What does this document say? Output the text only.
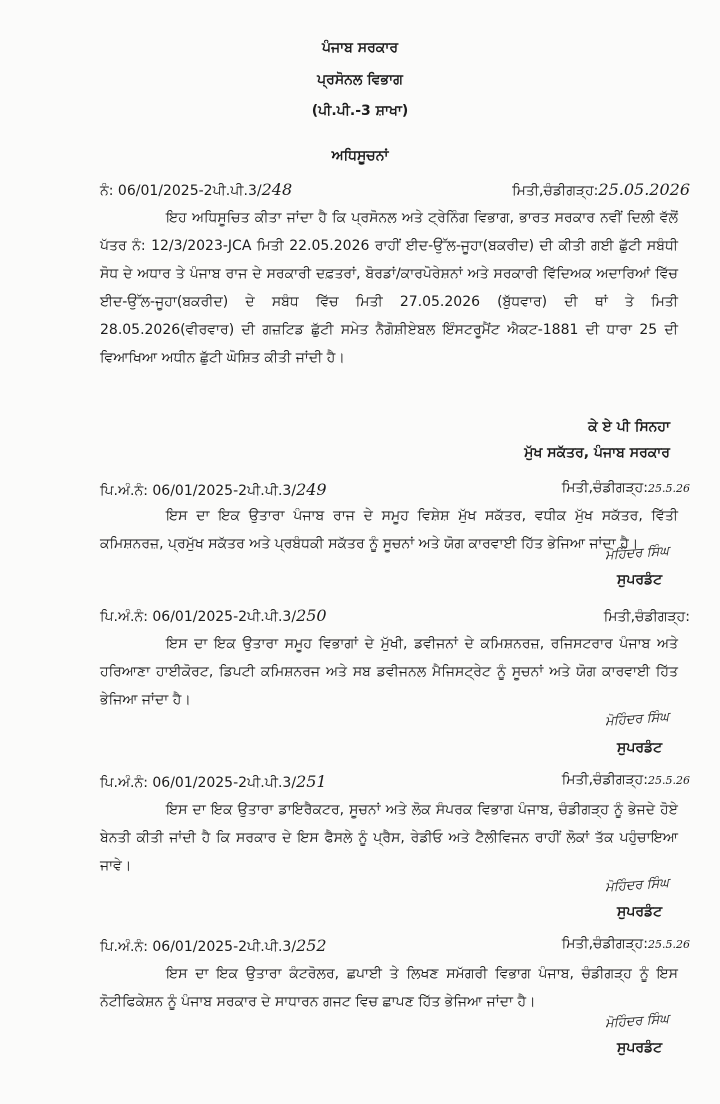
ਪੰਜਾਬ ਸਰਕਾਰ
ਪ੍ਰਸੋਨਲ ਵਿਭਾਗ
(ਪੀ.ਪੀ.-3 ਸ਼ਾਖਾ)
ਅਧਿਸੂਚਨਾਂ
ਨੰ: 06/01/2025-2ਪੀ.ਪੀ.3/248	ਮਿਤੀ,ਚੰਡੀਗੜ੍ਹ:25.05.2026
ਇਹ ਅਧਿਸੂਚਿਤ ਕੀਤਾ ਜਾਂਦਾ ਹੈ ਕਿ ਪ੍ਰਸੋਨਲ ਅਤੇ ਟ੍ਰੇਨਿੰਗ ਵਿਭਾਗ, ਭਾਰਤ ਸਰਕਾਰ ਨਵੀਂ ਦਿਲੀ ਵੱਲੋਂ ਪੱਤਰ ਨੰ: 12/3/2023-JCA ਮਿਤੀ 22.05.2026 ਰਾਹੀਂ ਈਦ-ਉੱਲ-ਜੂਹਾ(ਬਕਰੀਦ) ਦੀ ਕੀਤੀ ਗਈ ਛੁੱਟੀ ਸਬੰਧੀ ਸੋਧ ਦੇ ਅਧਾਰ ਤੇ ਪੰਜਾਬ ਰਾਜ ਦੇ ਸਰਕਾਰੀ ਦਫ਼ਤਰਾਂ, ਬੋਰਡਾਂ/ਕਾਰਪੋਰੇਸ਼ਨਾਂ ਅਤੇ ਸਰਕਾਰੀ ਵਿੱਦਿਅਕ ਅਦਾਰਿਆਂ ਵਿੱਚ ਈਦ-ਉੱਲ-ਜੂਹਾ(ਬਕਰੀਦ) ਦੇ ਸਬੰਧ ਵਿੱਚ ਮਿਤੀ 27.05.2026 (ਬੁੱਧਵਾਰ) ਦੀ ਥਾਂ ਤੇ ਮਿਤੀ 28.05.2026(ਵੀਰਵਾਰ) ਦੀ ਗਜ਼ਟਿਡ ਛੁੱਟੀ ਸਮੇਤ ਨੈਗੋਸ਼ੀਏਬਲ ਇੰਸਟਰੂਮੈਂਟ ਐਕਟ-1881 ਦੀ ਧਾਰਾ 25 ਦੀ ਵਿਆਖਿਆ ਅਧੀਨ ਛੁੱਟੀ ਘੋਸ਼ਿਤ ਕੀਤੀ ਜਾਂਦੀ ਹੈ।
ਕੇ ਏ ਪੀ ਸਿਨਹਾ
ਮੁੱਖ ਸਕੱਤਰ, ਪੰਜਾਬ ਸਰਕਾਰ
ਪਿ.ਅੰ.ਨੰ: 06/01/2025-2ਪੀ.ਪੀ.3/249	ਮਿਤੀ,ਚੰਡੀਗੜ੍ਹ:25.5.26
ਇਸ ਦਾ ਇਕ ਉਤਾਰਾ ਪੰਜਾਬ ਰਾਜ ਦੇ ਸਮੂਹ ਵਿਸ਼ੇਸ਼ ਮੁੱਖ ਸਕੱਤਰ, ਵਧੀਕ ਮੁੱਖ ਸਕੱਤਰ, ਵਿੱਤੀ ਕਮਿਸ਼ਨਰਜ਼, ਪ੍ਰਮੁੱਖ ਸਕੱਤਰ ਅਤੇ ਪ੍ਰਬੰਧਕੀ ਸਕੱਤਰ ਨੂੰ ਸੂਚਨਾਂ ਅਤੇ ਯੋਗ ਕਾਰਵਾਈ ਹਿੱਤ ਭੇਜਿਆ ਜਾਂਦਾ ਹੈ।
ਮੋਹਿੰਦਰ ਸਿੰਘ
ਸੁਪਰਡੰਟ
ਪਿ.ਅੰ.ਨੰ: 06/01/2025-2ਪੀ.ਪੀ.3/250	ਮਿਤੀ,ਚੰਡੀਗੜ੍ਹ:
ਇਸ ਦਾ ਇਕ ਉਤਾਰਾ ਸਮੂਹ ਵਿਭਾਗਾਂ ਦੇ ਮੁੱਖੀ, ਡਵੀਜਨਾਂ ਦੇ ਕਮਿਸ਼ਨਰਜ਼, ਰਜਿਸਟਰਾਰ ਪੰਜਾਬ ਅਤੇ ਹਰਿਆਣਾ ਹਾਈਕੋਰਟ, ਡਿਪਟੀ ਕਮਿਸ਼ਨਰਜ ਅਤੇ ਸਬ ਡਵੀਜਨਲ ਮੈਜਿਸਟ੍ਰੇਟ ਨੂੰ ਸੂਚਨਾਂ ਅਤੇ ਯੋਗ ਕਾਰਵਾਈ ਹਿੱਤ ਭੇਜਿਆ ਜਾਂਦਾ ਹੈ।
ਮੋਹਿੰਦਰ ਸਿੰਘ
ਸੁਪਰਡੰਟ
ਪਿ.ਅੰ.ਨੰ: 06/01/2025-2ਪੀ.ਪੀ.3/251	ਮਿਤੀ,ਚੰਡੀਗੜ੍ਹ:25.5.26
ਇਸ ਦਾ ਇਕ ਉਤਾਰਾ ਡਾਇਰੈਕਟਰ, ਸੂਚਨਾਂ ਅਤੇ ਲੋਕ ਸੰਪਰਕ ਵਿਭਾਗ ਪੰਜਾਬ, ਚੰਡੀਗੜ੍ਹ ਨੂੰ ਭੇਜਦੇ ਹੋਏ ਬੇਨਤੀ ਕੀਤੀ ਜਾਂਦੀ ਹੈ ਕਿ ਸਰਕਾਰ ਦੇ ਇਸ ਫੈਸਲੇ ਨੂੰ ਪ੍ਰੈਸ, ਰੇਡੀਓ ਅਤੇ ਟੈਲੀਵਿਜਨ ਰਾਹੀਂ ਲੋਕਾਂ ਤੱਕ ਪਹੁੰਚਾਇਆ ਜਾਵੇ।
ਮੋਹਿੰਦਰ ਸਿੰਘ
ਸੁਪਰਡੰਟ
ਪਿ.ਅੰ.ਨੰ: 06/01/2025-2ਪੀ.ਪੀ.3/252	ਮਿਤੀ,ਚੰਡੀਗੜ੍ਹ:25.5.26
ਇਸ ਦਾ ਇਕ ਉਤਾਰਾ ਕੰਟਰੋਲਰ, ਛਪਾਈ ਤੇ ਲਿਖਣ ਸਮੱਗਰੀ ਵਿਭਾਗ ਪੰਜਾਬ, ਚੰਡੀਗੜ੍ਹ ਨੂੰ ਇਸ ਨੋਟੀਫਿਕੇਸ਼ਨ ਨੂੰ ਪੰਜਾਬ ਸਰਕਾਰ ਦੇ ਸਾਧਾਰਨ ਗਜਟ ਵਿਚ ਛਾਪਣ ਹਿੱਤ ਭੇਜਿਆ ਜਾਂਦਾ ਹੈ।
ਮੋਹਿੰਦਰ ਸਿੰਘ
ਸੁਪਰਡੰਟ
